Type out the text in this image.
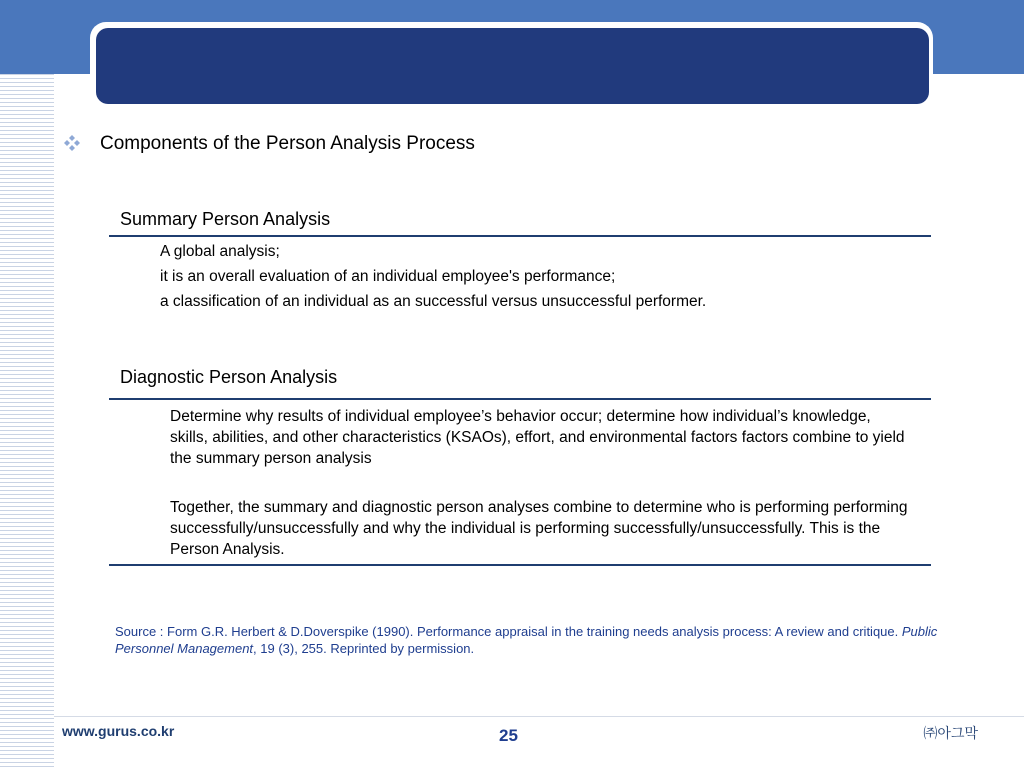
Components of the Person Analysis Process
Summary Person Analysis
A global analysis;
it is an overall evaluation of an individual employee's performance;
a classification of an individual as an successful versus unsuccessful performer.
Diagnostic Person Analysis
Determine why results of individual employee’s behavior occur; determine how individual’s knowledge, skills, abilities, and other characteristics (KSAOs), effort, and environmental factors factors combine to yield the summary person analysis
Together, the summary and diagnostic person analyses combine to determine who is performing performing successfully/unsuccessfully and why the individual is performing successfully/unsuccessfully. This is the Person Analysis.
Source : Form G.R. Herbert & D.Doverspike (1990). Performance appraisal in the training needs analysis process: A review and critique. Public Personnel Management, 19 (3), 255. Reprinted by permission.
www.gurus.co.kr	25	㈜아그막
